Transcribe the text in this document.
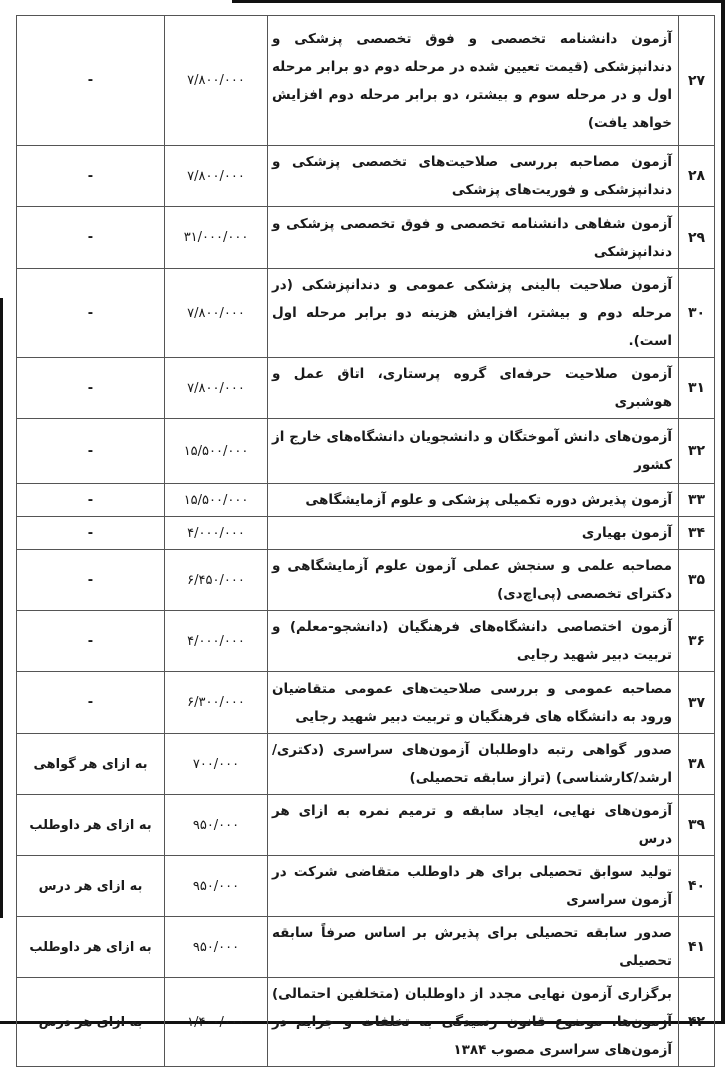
۲۷	آزمون دانشنامه تخصصی و فوق تخصصی پزشکی و دندانپزشکی (قیمت تعیین شده در مرحله دوم دو برابر مرحله اول و در مرحله سوم و بیشتر، دو برابر مرحله دوم افزایش خواهد یافت)	۷/۸۰۰/۰۰۰	-
۲۸	آزمون مصاحبه بررسی صلاحیت‌های تخصصی پزشکی و دندانپزشکی و فوریت‌های پزشکی	۷/۸۰۰/۰۰۰	-
۲۹	آزمون شفاهی دانشنامه تخصصی و فوق تخصصی پزشکی و دندانپزشکی	۳۱/۰۰۰/۰۰۰	-
۳۰	آزمون صلاحیت بالینی پزشکی عمومی و دندانپزشکی (در مرحله دوم و بیشتر، افزایش هزینه دو برابر مرحله اول است).	۷/۸۰۰/۰۰۰	-
۳۱	آزمون صلاحیت حرفه‌ای گروه پرستاری، اتاق عمل و هوشبری	۷/۸۰۰/۰۰۰	-
۳۲	آزمون‌های دانش آموختگان و دانشجویان دانشگاه‌های خارج از کشور	۱۵/۵۰۰/۰۰۰	-
۳۳	آزمون پذیرش دوره تکمیلی پزشکی و علوم آزمایشگاهی	۱۵/۵۰۰/۰۰۰	-
۳۴	آزمون بهیاری	۴/۰۰۰/۰۰۰	-
۳۵	مصاحبه علمی و سنجش عملی آزمون علوم آزمایشگاهی و دکترای تخصصی (پی‌اچ‌دی)	۶/۴۵۰/۰۰۰	-
۳۶	آزمون اختصاصی دانشگاه‌های فرهنگیان (دانشجو-معلم) و تربیت دبیر شهید رجایی	۴/۰۰۰/۰۰۰	-
۳۷	مصاحبه عمومی و بررسی صلاحیت‌های عمومی متقاضیان ورود به دانشگاه های فرهنگیان و تربیت دبیر شهید رجایی	۶/۳۰۰/۰۰۰	-
۳۸	صدور گواهی رتبه داوطلبان آزمون‌های سراسری (دکتری/ارشد/کارشناسی) (تراز سابقه تحصیلی)	۷۰۰/۰۰۰	به ازای هر گواهی
۳۹	آزمون‌های نهایی، ایجاد سابقه و ترمیم نمره به ازای هر درس	۹۵۰/۰۰۰	به ازای هر داوطلب
۴۰	تولید سوابق تحصیلی برای هر داوطلب متقاضی شرکت در آزمون سراسری	۹۵۰/۰۰۰	به ازای هر درس
۴۱	صدور سابقه تحصیلی برای پذیرش بر اساس صرفاً سابقه تحصیلی	۹۵۰/۰۰۰	به ازای هر داوطلب
۴۲	برگزاری آزمون نهایی مجدد از داوطلبان (متخلفین احتمالی) آزمون‌ها، موضوع قانون رسیدگی به تخلفات و جرایم در آزمون‌های سراسری مصوب ۱۳۸۴	۱/۴۰۰/۰۰۰	به ازای هر درس
